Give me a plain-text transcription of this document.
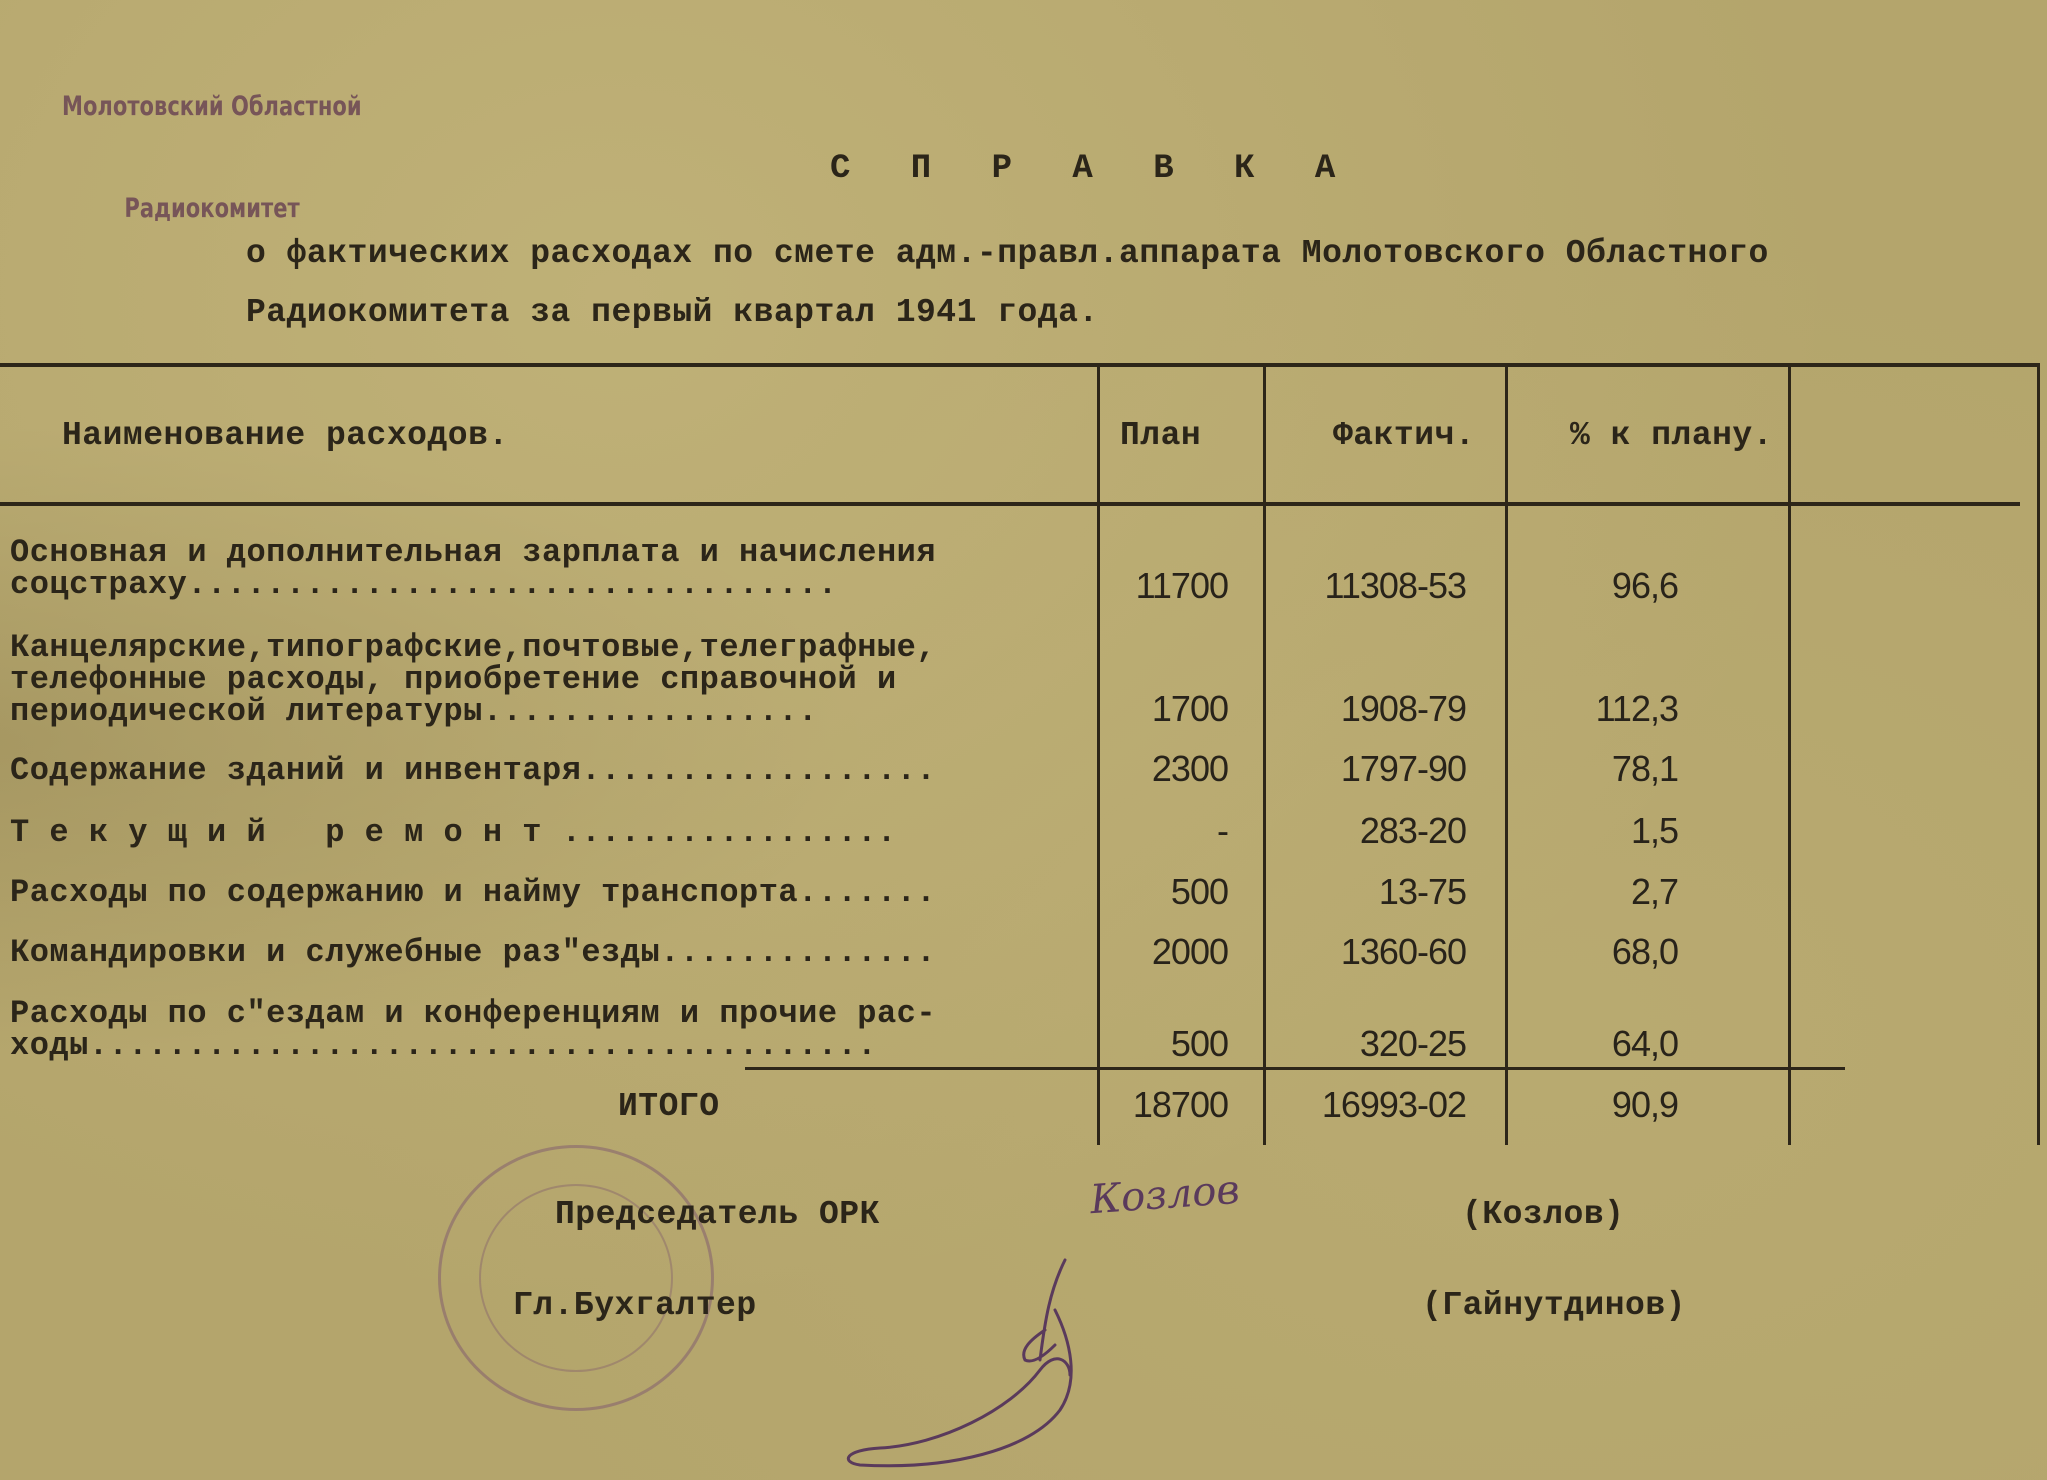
Молотовский Областной

Радиокомитет

С П Р А В К А
о фактических расходах по смете адм.-правл.аппарата Молотовского Областного
Радиокомитета за первый квартал 1941 года.
Наименование расходов.	План	Фактич.	% к плану.
Основная и дополнительная зарплата и начисления
соцстраху.................................	11700	11308-53	96,6
Канцелярские,типографские,почтовые,телеграфные,
телефонные расходы, приобретение справочной и
периодической литературы.................	1700	1908-79	112,3
Содержание зданий и инвентаря..................	2300	1797-90	78,1
Т е к у щ и й   р е м о н т .................	-	283-20	1,5
Расходы по содержанию и найму транспорта.......	500	13-75	2,7
Командировки и служебные раз"езды..............	2000	1360-60	68,0
Расходы по с"ездам и конференциям и прочие рас-
ходы........................................	500	320-25	64,0
ИТОГО	18700	16993-02	90,9
Председатель ОРК	Козлов	(Козлов)
Гл.Бухгалтер	(Гайнутдинов)
